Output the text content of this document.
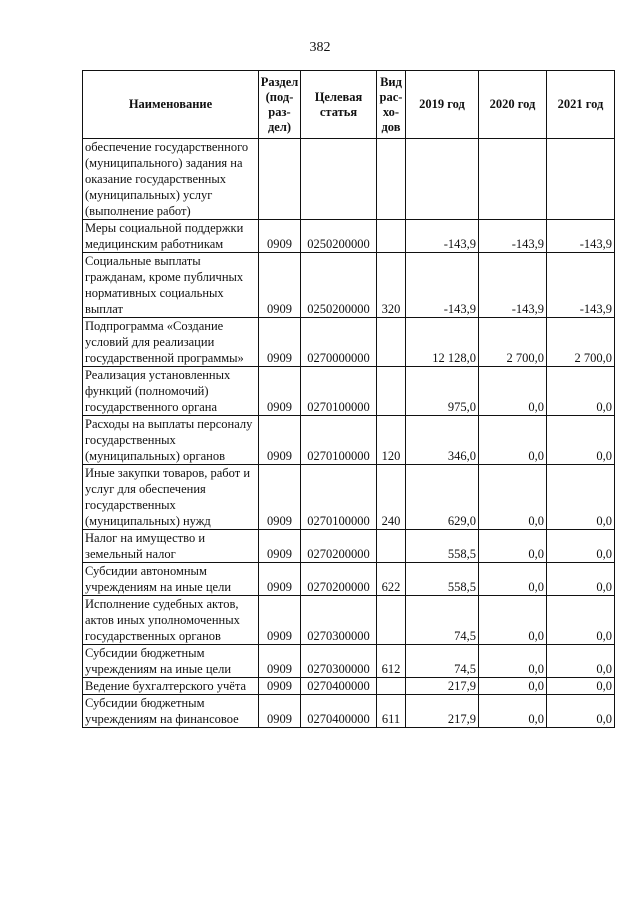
382
Наименование	Раздел (под- раз- дел)	Целевая статья	Вид рас- хо- дов	2019 год	2020 год	2021 год
обеспечение государственного (муниципального) задания на оказание государственных (муниципальных) услуг (выполнение работ)						
Меры социальной поддержки медицинским работникам	0909	0250200000		-143,9	-143,9	-143,9
Социальные выплаты гражданам, кроме публичных нормативных социальных выплат	0909	0250200000	320	-143,9	-143,9	-143,9
Подпрограмма «Создание условий для реализации государственной программы»	0909	0270000000		12 128,0	2 700,0	2 700,0
Реализация установленных функций (полномочий) государственного органа	0909	0270100000		975,0	0,0	0,0
Расходы на выплаты персоналу государственных (муниципальных) органов	0909	0270100000	120	346,0	0,0	0,0
Иные закупки товаров, работ и услуг для обеспечения государственных (муниципальных) нужд	0909	0270100000	240	629,0	0,0	0,0
Налог на имущество и земельный налог	0909	0270200000		558,5	0,0	0,0
Субсидии автономным учреждениям на иные цели	0909	0270200000	622	558,5	0,0	0,0
Исполнение судебных актов, актов иных уполномоченных государственных органов	0909	0270300000		74,5	0,0	0,0
Субсидии бюджетным учреждениям на иные цели	0909	0270300000	612	74,5	0,0	0,0
Ведение бухгалтерского учёта	0909	0270400000		217,9	0,0	0,0
Субсидии бюджетным учреждениям на финансовое	0909	0270400000	611	217,9	0,0	0,0
